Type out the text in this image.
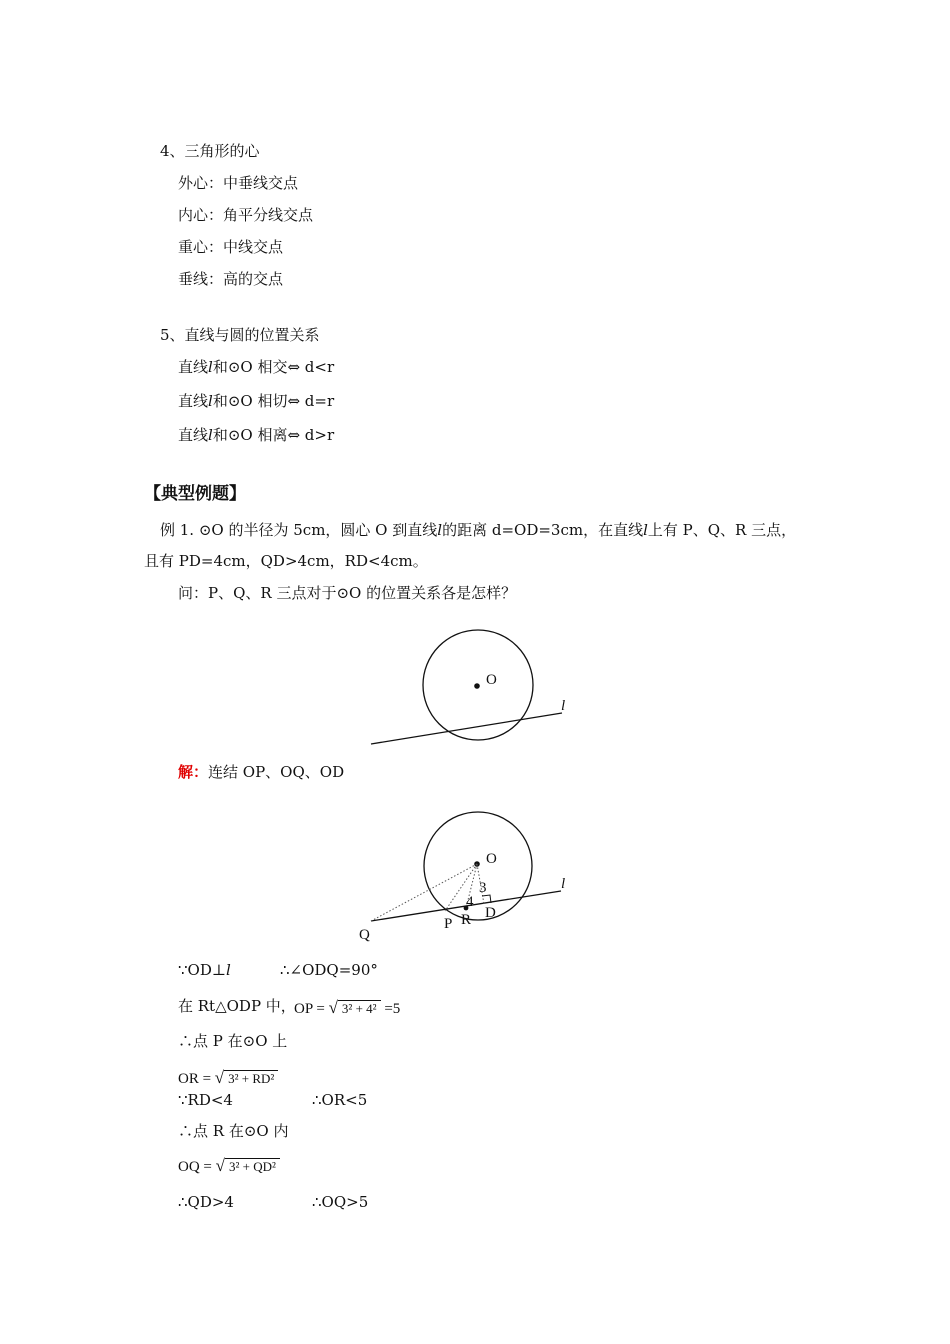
4、三角形的心
外心：中垂线交点
内心：角平分线交点
重心：中线交点
垂线：高的交点
5、直线与圆的位置关系
直线l和⊙O 相交⇔ d<r
直线l和⊙O 相切⇔ d=r
直线l和⊙O 相离⇔ d>r
【典型例题】
例 1. ⊙O 的半径为 5cm，圆心 O 到直线l的距离 d=OD=3cm，在直线l上有 P、Q、R 三点，
且有 PD=4cm，QD>4cm，RD<4cm。
问：P、Q、R 三点对于⊙O 的位置关系各是怎样？
O
l
O
l
3
4
D
P R
Q
解：连结 OP、OQ、OD
∵OD⊥l	∴∠ODQ=90°
在 Rt△ODP 中，
OP = √ 3² + 4² =5
∴点 P 在⊙O 上
OR = √ 3² + RD²
∵RD<4	∴OR<5
∴点 R 在⊙O 内
OQ = √ 3² + QD²
∴QD>4	∴OQ>5
